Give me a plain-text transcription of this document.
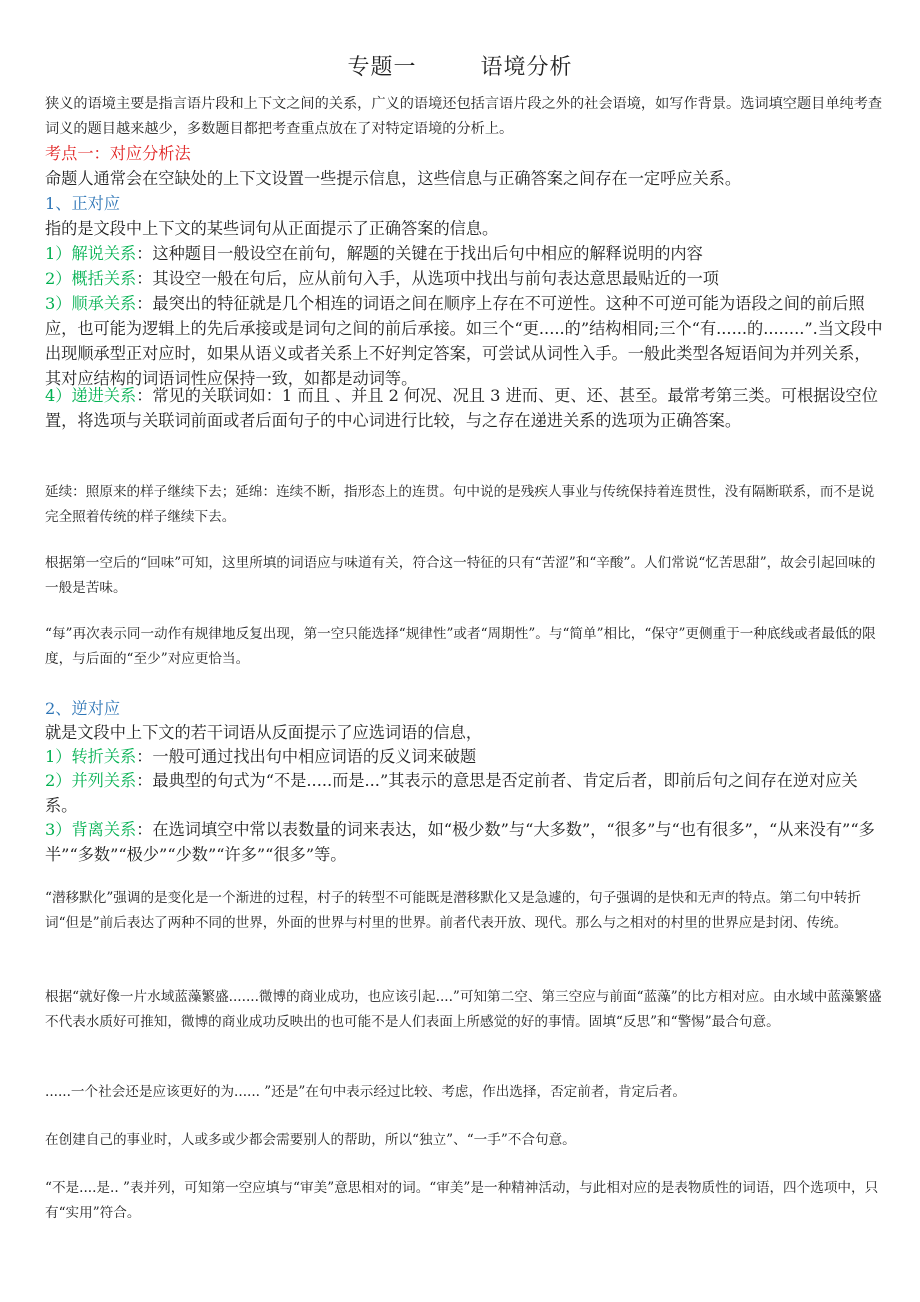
专题一        语境分析

狭义的语境主要是指言语片段和上下文之间的关系，广义的语境还包括言语片段之外的社会语境，如写作背景。选词填空题目单纯考查词义的题目越来越少，多数题目都把考查重点放在了对特定语境的分析上。

考点一：对应分析法

命题人通常会在空缺处的上下文设置一些提示信息，这些信息与正确答案之间存在一定呼应关系。

1、正对应

指的是文段中上下文的某些词句从正面提示了正确答案的信息。

1）解说关系：这种题目一般设空在前句，解题的关键在于找出后句中相应的解释说明的内容

2）概括关系：其设空一般在句后，应从前句入手，从选项中找出与前句表达意思最贴近的一项

3）顺承关系：最突出的特征就是几个相连的词语之间在顺序上存在不可逆性。这种不可逆可能为语段之间的前后照应，也可能为逻辑上的先后承接或是词句之间的前后承接。如三个“更.....的”结构相同;三个“有......的........”.当文段中出现顺承型正对应时，如果从语义或者关系上不好判定答案，可尝试从词性入手。一般此类型各短语间为并列关系，其对应结构的词语词性应保持一致，如都是动词等。

4）递进关系：常见的关联词如：1 而且 、并且 2 何况、况且 3 进而、更、还、甚至。最常考第三类。可根据设空位置，将选项与关联词前面或者后面句子的中心词进行比较，与之存在递进关系的选项为正确答案。

延续：照原来的样子继续下去；延绵：连续不断，指形态上的连贯。句中说的是残疾人事业与传统保持着连贯性，没有隔断联系，而不是说完全照着传统的样子继续下去。

根据第一空后的“回味”可知，这里所填的词语应与味道有关，符合这一特征的只有“苦涩”和“辛酸”。人们常说“忆苦思甜”，故会引起回味的一般是苦味。

“每”再次表示同一动作有规律地反复出现，第一空只能选择“规律性”或者“周期性”。与“简单”相比，“保守”更侧重于一种底线或者最低的限度，与后面的“至少”对应更恰当。

2、逆对应

就是文段中上下文的若干词语从反面提示了应选词语的信息，

1）转折关系：一般可通过找出句中相应词语的反义词来破题

2）并列关系：最典型的句式为“不是.....而是...”其表示的意思是否定前者、肯定后者，即前后句之间存在逆对应关系。

3）背离关系：在选词填空中常以表数量的词来表达，如“极少数”与“大多数”，“很多”与“也有很多”，“从来没有”“多半”“多数”“极少”“少数”“许多”“很多”等。

“潜移默化”强调的是变化是一个渐进的过程，村子的转型不可能既是潜移默化又是急遽的，句子强调的是快和无声的特点。第二句中转折词“但是”前后表达了两种不同的世界，外面的世界与村里的世界。前者代表开放、现代。那么与之相对的村里的世界应是封闭、传统。

根据“就好像一片水域蓝藻繁盛.......微博的商业成功，也应该引起....”可知第二空、第三空应与前面“蓝藻”的比方相对应。由水域中蓝藻繁盛不代表水质好可推知，微博的商业成功反映出的也可能不是人们表面上所感觉的好的事情。固填“反思”和“警惕”最合句意。

......一个社会还是应该更好的为...... ”还是”在句中表示经过比较、考虑，作出选择，否定前者，肯定后者。

在创建自己的事业时，人或多或少都会需要别人的帮助，所以“独立”、“一手”不合句意。

“不是....是.. ”表并列，可知第一空应填与“审美”意思相对的词。“审美”是一种精神活动，与此相对应的是表物质性的词语，四个选项中，只有“实用”符合。
